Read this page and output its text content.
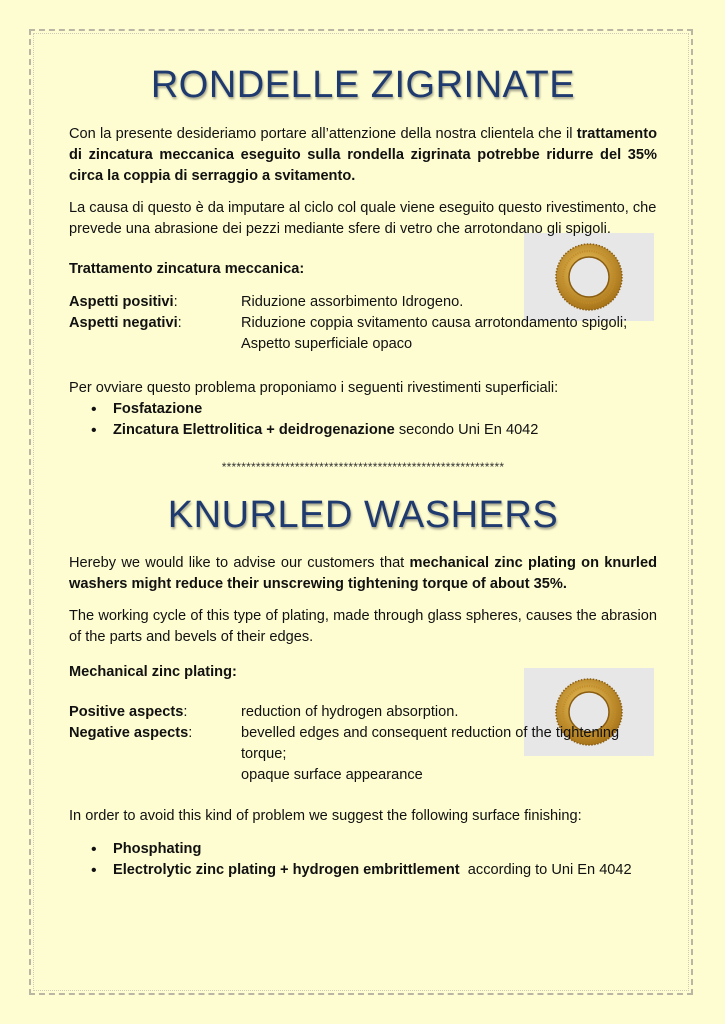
RONDELLE ZIGRINATE

Con la presente desideriamo portare all’attenzione della nostra clientela che il trattamento di zincatura meccanica eseguito sulla rondella zigrinata potrebbe ridurre del 35% circa la coppia di serraggio a svitamento.

La causa di questo è da imputare al ciclo col quale viene eseguito questo rivestimento, che prevede una abrasione dei pezzi mediante sfere di vetro che arrotondano gli spigoli.

Trattamento zincatura meccanica:

Aspetti positivi:	Riduzione assorbimento Idrogeno.
Aspetti negativi:	Riduzione coppia svitamento causa arrotondamento spigoli;
Aspetto superficiale opaco

Per ovviare questo problema proponiamo i seguenti rivestimenti superficiali:

• Fosfatazione
• Zincatura Elettrolitica + deidrogenazione secondo Uni En 4042

**********************************************************

KNURLED WASHERS

Hereby we would like to advise our customers that mechanical zinc plating on knurled washers might reduce their unscrewing tightening torque of about 35%.

The working cycle of this type of plating, made through glass spheres, causes the abrasion of the parts and bevels of their edges.

Mechanical zinc plating:

Positive aspects:	reduction of hydrogen absorption.
Negative aspects:	bevelled edges and consequent reduction of the tightening torque;
opaque surface appearance

In order to avoid this kind of problem we suggest the following surface finishing:

• Phosphating
• Electrolytic zinc plating + hydrogen embrittlement  according to Uni En 4042
